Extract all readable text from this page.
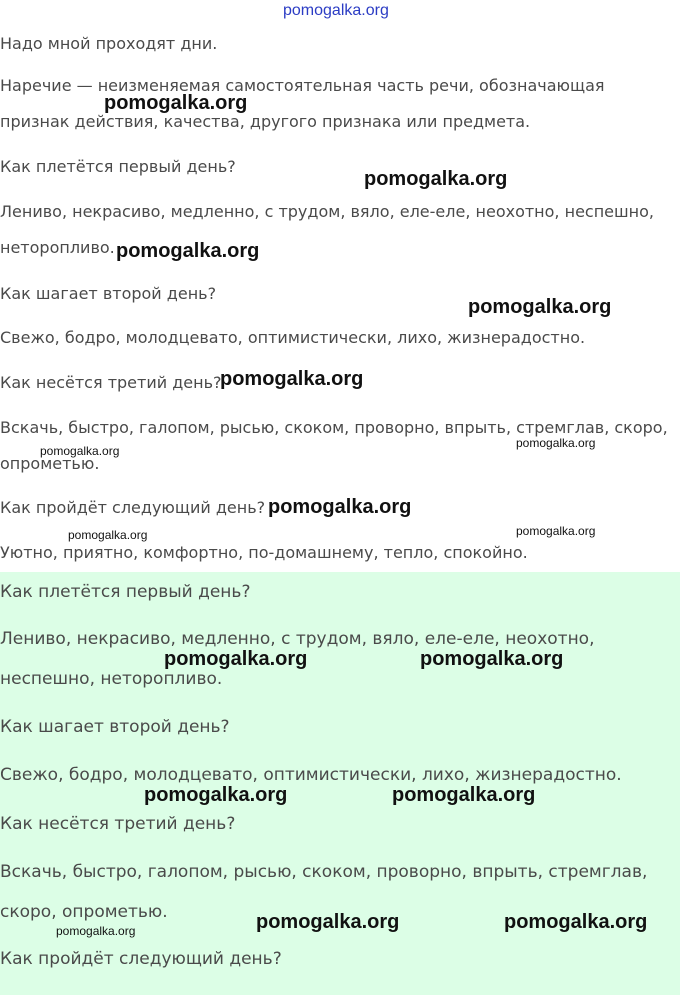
Надо мной проходят дни.

Наречие — неизменяемая самостоятельная часть речи, обозначающая

признак действия, качества, другого признака или предмета.

Как плетётся первый день?

Лениво, некрасиво, медленно, с трудом, вяло, еле-еле, неохотно, неспешно,

неторопливо.

Как шагает второй день?

Свежо, бодро, молодцевато, оптимистически, лихо, жизнерадостно.

Как несётся третий день?

Вскачь, быстро, галопом, рысью, скоком, проворно, впрыть, стремглав, скоро,

опрометью.

Как пройдёт следующий день?

Уютно, приятно, комфортно, по-домашнему, тепло, спокойно.

Как плетётся первый день?

Лениво, некрасиво, медленно, с трудом, вяло, еле-еле, неохотно,

неспешно, неторопливо.

Как шагает второй день?

Свежо, бодро, молодцевато, оптимистически, лихо, жизнерадостно.

Как несётся третий день?

Вскачь, быстро, галопом, рысью, скоком, проворно, впрыть, стремглав,

скоро, опрометью.

Как пройдёт следующий день?

pomogalka.org
pomogalka.org
pomogalka.org
pomogalka.org
pomogalka.org
pomogalka.org
pomogalka.org
pomogalka.org
pomogalka.org
pomogalka.org
pomogalka.org
pomogalka.org	pomogalka.org
pomogalka.org	pomogalka.org
pomogalka.org	pomogalka.org
pomogalka.org
